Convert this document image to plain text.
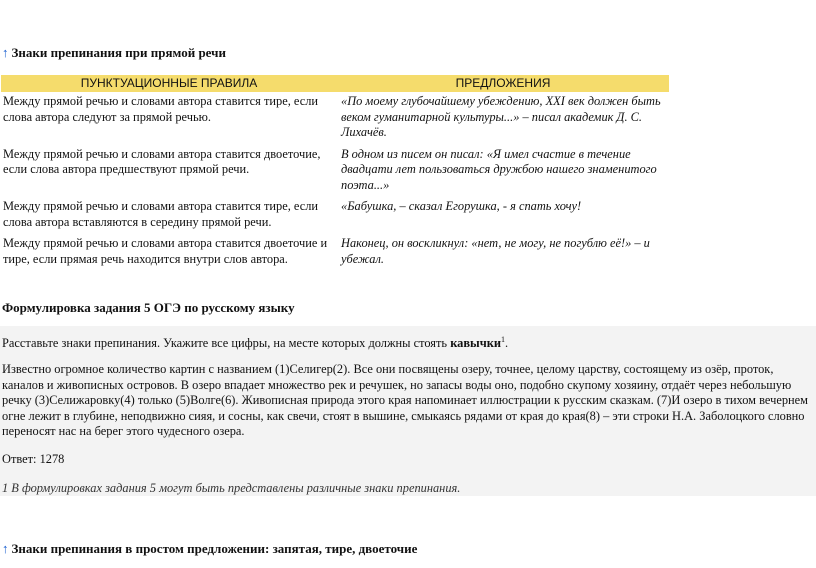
↑ Знаки препинания при прямой речи
ПУНКТУАЦИОННЫЕ ПРАВИЛА	ПРЕДЛОЖЕНИЯ
Между прямой речью и словами автора ставится тире, если слова автора следуют за прямой речью.	«По моему глубочайшему убеждению, XXI век должен быть веком гуманитарной культуры...» – писал академик Д. С. Лихачёв.
Между прямой речью и словами автора ставится двоеточие, если слова автора предшествуют прямой речи.	В одном из писем он писал: «Я имел счастие в течение двадцати лет пользоваться дружбою нашего знаменитого поэта...»
Между прямой речью и словами автора ставится тире, если слова автора вставляются в середину прямой речи.	«Бабушка, – сказал Егорушка, - я спать хочу!
Между прямой речью и словами автора ставится двоеточие и тире, если прямая речь находится внутри слов автора.	Наконец, он воскликнул: «нет, не могу, не погублю её!» – и убежал.
Формулировка задания 5 ОГЭ по русскому языку

Расставьте знаки препинания. Укажите все цифры, на месте которых должны стоять кавычки$^1$.

Известно огромное количество картин с названием (1)Селигер(2). Все они посвящены озеру, точнее, целому царству, состоящему из озёр, проток, каналов и живописных островов. В озеро впадает множество рек и речушек, но запасы воды оно, подобно скупому хозяину, отдаёт через небольшую речку (3)Селижаровку(4) только (5)Волге(6). Живописная природа этого края напоминает иллюстрации к русским сказкам. (7)И озеро в тихом вечернем огне лежит в глубине, неподвижно сияя, и сосны, как свечи, стоят в вышине, смыкаясь рядами от края до края(8) – эти строки Н.А. Заболоцкого словно переносят нас на берег этого чудесного озера.

Ответ: 1278

1 В формулировках задания 5 могут быть представлены различные знаки препинания.

↑ Знаки препинания в простом предложении: запятая, тире, двоеточие
